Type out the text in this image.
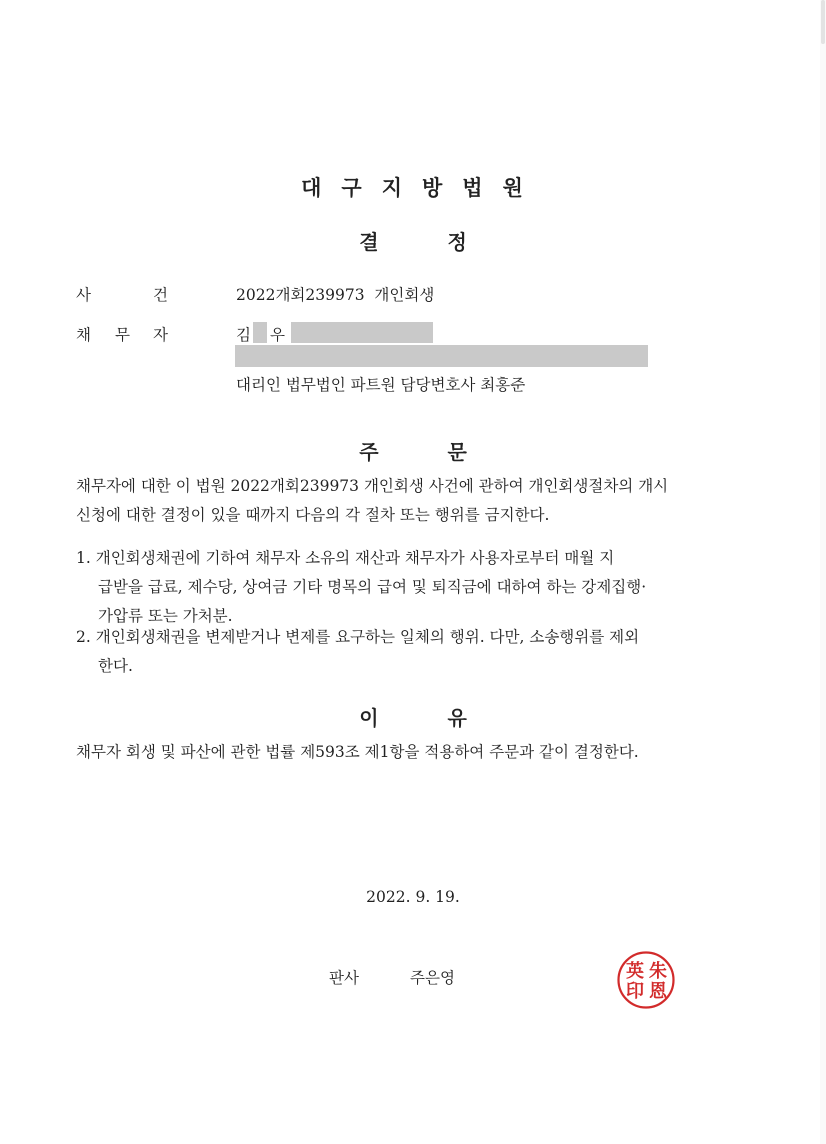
대구지방법원
결 정
사	건	2022개회239973  개인회생
채 무 자	김 우
대리인 법무법인 파트원 담당변호사 최홍준
주 문
채무자에 대한 이 법원 2022개회239973 개인회생 사건에 관하여 개인회생절차의 개시
신청에 대한 결정이 있을 때까지 다음의 각 절차 또는 행위를 금지한다.
1. 개인회생채권에 기하여 채무자 소유의 재산과 채무자가 사용자로부터 매월 지
급받을 급료, 제수당, 상여금 기타 명목의 급여 및 퇴직금에 대하여 하는 강제집행·
가압류 또는 가처분.
2. 개인회생채권을 변제받거나 변제를 요구하는 일체의 행위. 다만, 소송행위를 제외
한다.
이 유
채무자 회생 및 파산에 관한 법률 제593조 제1항을 적용하여 주문과 같이 결정한다.
2022. 9. 19.
판사	주은영	朱
恩
英
印
